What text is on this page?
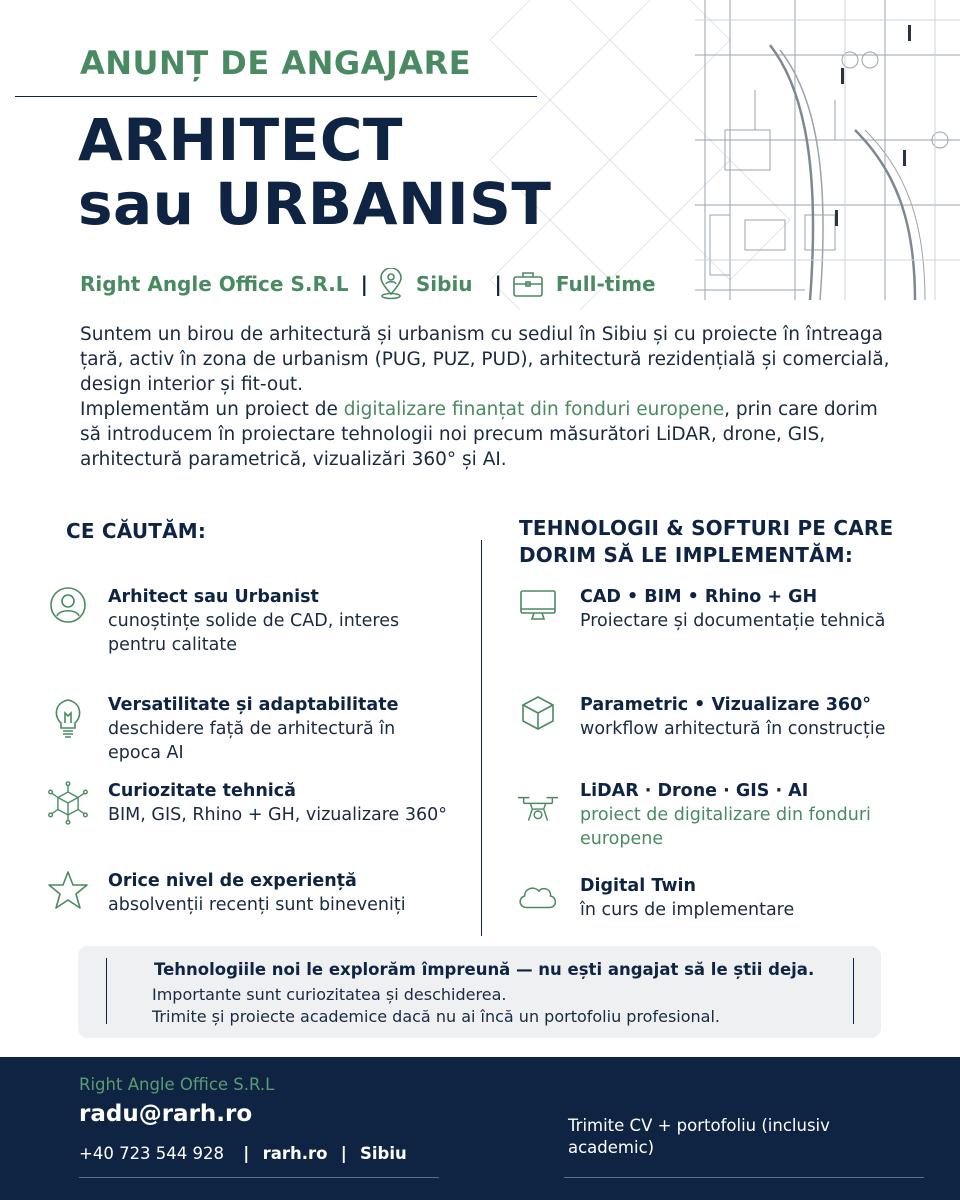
ANUNȚ DE ANGAJARE
ARHITECT
sau URBANIST
Right Angle Office S.R.L | Sibiu |	Full-time

Suntem un birou de arhitectură și urbanism cu sediul în Sibiu și cu proiecte în întreaga țară, activ în zona de urbanism (PUG, PUZ, PUD), arhitectură rezidențială și comercială, design interior și fit-out.

Implementăm un proiect de digitalizare finanțat din fonduri europene, prin care dorim să introducem în proiectare tehnologii noi precum măsurători LiDAR, drone, GIS, arhitectură parametrică, vizualizări 360° și AI.

CE CĂUTĂM:
Arhitect sau Urbanist
cunoștințe solide de CAD, interes pentru calitate
Versatilitate și adaptabilitate
deschidere față de arhitectură în epoca AI
Curiozitate tehnică
BIM, GIS, Rhino + GH, vizualizare 360°
Orice nivel de experiență
absolvenții recenți sunt bineveniți
TEHNOLOGII & SOFTURI PE CARE
DORIM SĂ LE IMPLEMENTĂM:
CAD • BIM • Rhino + GH
Proiectare și documentație tehnică
Parametric • Vizualizare 360°
workflow arhitectură în construcție
LiDAR · Drone · GIS · AI
proiect de digitalizare din fonduri europene
Digital Twin
în curs de implementare
Tehnologiile noi le explorăm împreună — nu ești angajat să le știi deja.
Importante sunt curiozitatea și deschiderea.
Trimite și proiecte academice dacă nu ai încă un portofoliu profesional.
Right Angle Office S.R.L
radu@rarh.ro
+40 723 544 928 | rarh.ro | Sibiu
Trimite CV + portofoliu (inclusiv academic)
